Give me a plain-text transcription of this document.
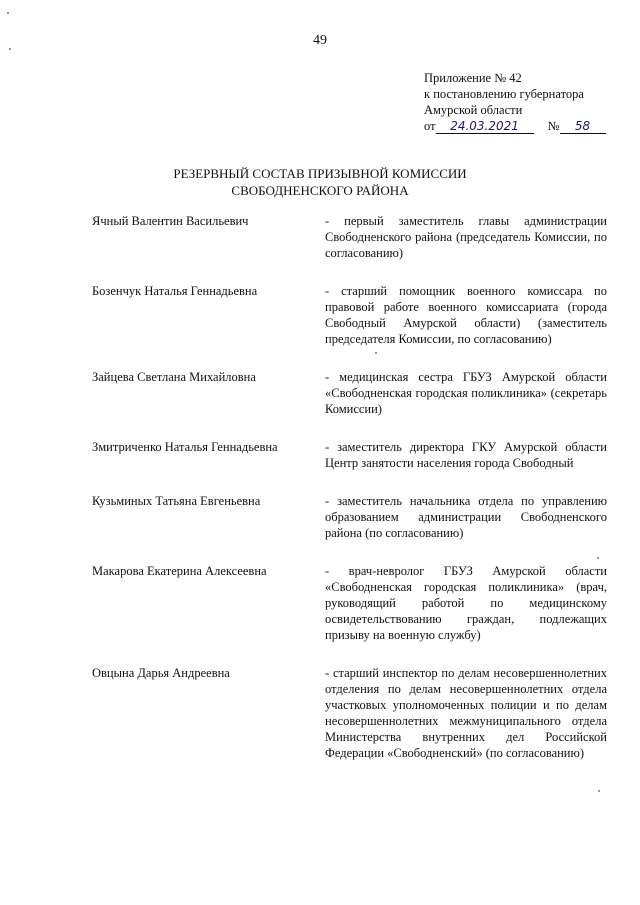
49
Приложение № 42
к постановлению губернатора
Амурской области
от	24.03.2021	№	58
РЕЗЕРВНЫЙ СОСТАВ ПРИЗЫВНОЙ КОМИССИИ
СВОБОДНЕНСКОГО РАЙОНА
Ячный Валентин Васильевич	- первый заместитель главы администрации Свободненского района (председатель Комиссии, по согласованию)
Бозенчук Наталья Геннадьевна	- старший помощник военного комиссара по правовой работе военного комиссариата (города Свободный Амурской области) (заместитель председателя Комиссии, по согласованию)
Зайцева Светлана Михайловна	- медицинская сестра ГБУЗ Амурской области «Свободненская городская поликлиника» (секретарь Комиссии)
Змитриченко Наталья Геннадьевна	- заместитель директора ГКУ Амурской области Центр занятости населения города Свободный
Кузьминых Татьяна Евгеньевна	- заместитель начальника отдела по управлению образованием администрации Свободненского района (по согласованию)
Макарова Екатерина Алексеевна	- врач-невролог ГБУЗ Амурской области «Свободненская городская поликлиника» (врач, руководящий работой по медицинскому освидетельствованию граждан, подлежащих призыву на военную службу)
Овцына Дарья Андреевна	- старший инспектор по делам несовершеннолетних отделения по делам несовершеннолетних отдела участковых уполномоченных полиции и по делам несовершеннолетних межмуниципального отдела Министерства внутренних дел Российской Федерации «Свободненский» (по согласованию)
